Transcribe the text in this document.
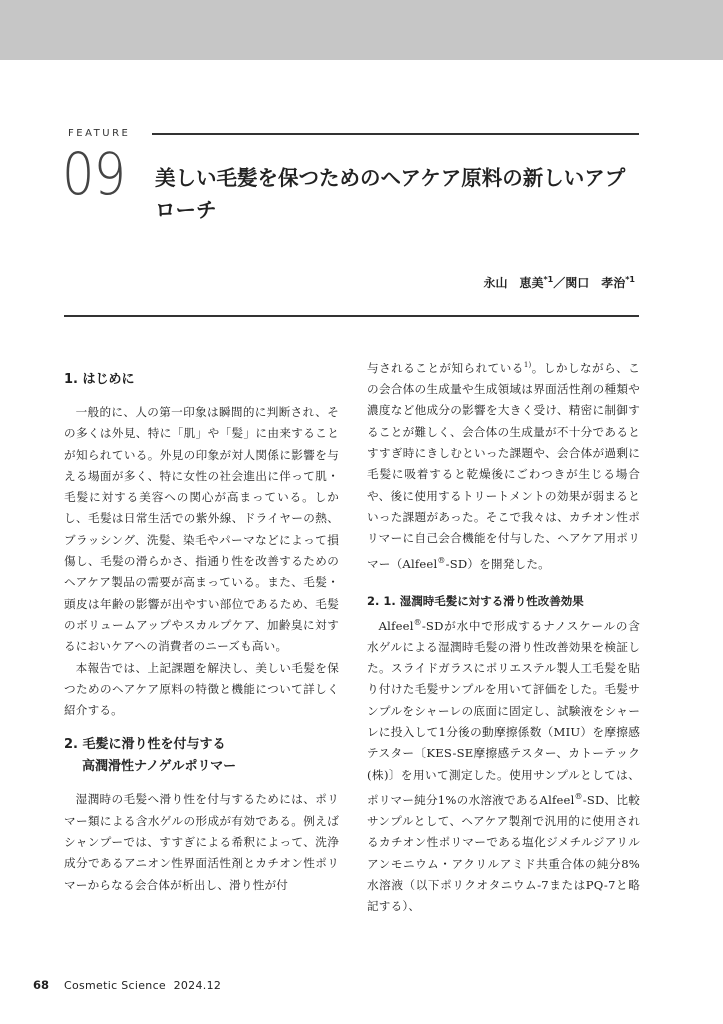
FEATURE
09 美しい毛髪を保つためのヘアケア原料の新しいアプローチ
永山　恵美$^{*1}$／関口　孝治$^{*1}$
1. はじめに

一般的に、人の第一印象は瞬間的に判断され、その多くは外見、特に「肌」や「髪」に由来することが知られている。外見の印象が対人関係に影響を与える場面が多く、特に女性の社会進出に伴って肌・毛髪に対する美容への関心が高まっている。しかし、毛髪は日常生活での紫外線、ドライヤーの熱、ブラッシング、洗髪、染毛やパーマなどによって損傷し、毛髪の滑らかさ、指通り性を改善するためのヘアケア製品の需要が高まっている。また、毛髪・頭皮は年齢の影響が出やすい部位であるため、毛髪のボリュームアップやスカルプケア、加齢臭に対するにおいケアへの消費者のニーズも高い。

本報告では、上記課題を解決し、美しい毛髪を保つためのヘアケア原料の特徴と機能について詳しく紹介する。

2. 毛髪に滑り性を付与する
高潤滑性ナノゲルポリマー

湿潤時の毛髪へ滑り性を付与するためには、ポリマー類による含水ゲルの形成が有効である。例えばシャンプーでは、すすぎによる希釈によって、洗浄成分であるアニオン性界面活性剤とカチオン性ポリマーからなる会合体が析出し、滑り性が付

与されることが知られている$^{1)}$。しかしながら、この会合体の生成量や生成領域は界面活性剤の種類や濃度など他成分の影響を大きく受け、精密に制御することが難しく、会合体の生成量が不十分であるとすすぎ時にきしむといった課題や、会合体が過剰に毛髪に吸着すると乾燥後にごわつきが生じる場合や、後に使用するトリートメントの効果が弱まるといった課題があった。そこで我々は、カチオン性ポリマーに自己会合機能を付与した、ヘアケア用ポリマー（Alfeel®-SD）を開発した。

2. 1. 湿潤時毛髪に対する滑り性改善効果

Alfeel®-SDが水中で形成するナノスケールの含水ゲルによる湿潤時毛髪の滑り性改善効果を検証した。スライドガラスにポリエステル製人工毛髪を貼り付けた毛髪サンプルを用いて評価をした。毛髪サンプルをシャーレの底面に固定し、試験液をシャーレに投入して1分後の動摩擦係数（MIU）を摩擦感テスター〔KES-SE摩擦感テスター、カトーテック(株)〕を用いて測定した。使用サンプルとしては、ポリマー純分1%の水溶液であるAlfeel®-SD、比較サンプルとして、ヘアケア製剤で汎用的に使用されるカチオン性ポリマーである塩化ジメチルジアリルアンモニウム・アクリルアミド共重合体の純分8%水溶液（以下ポリクオタニウム-7またはPQ-7と略記する）、

68 Cosmetic Science 2024.12
